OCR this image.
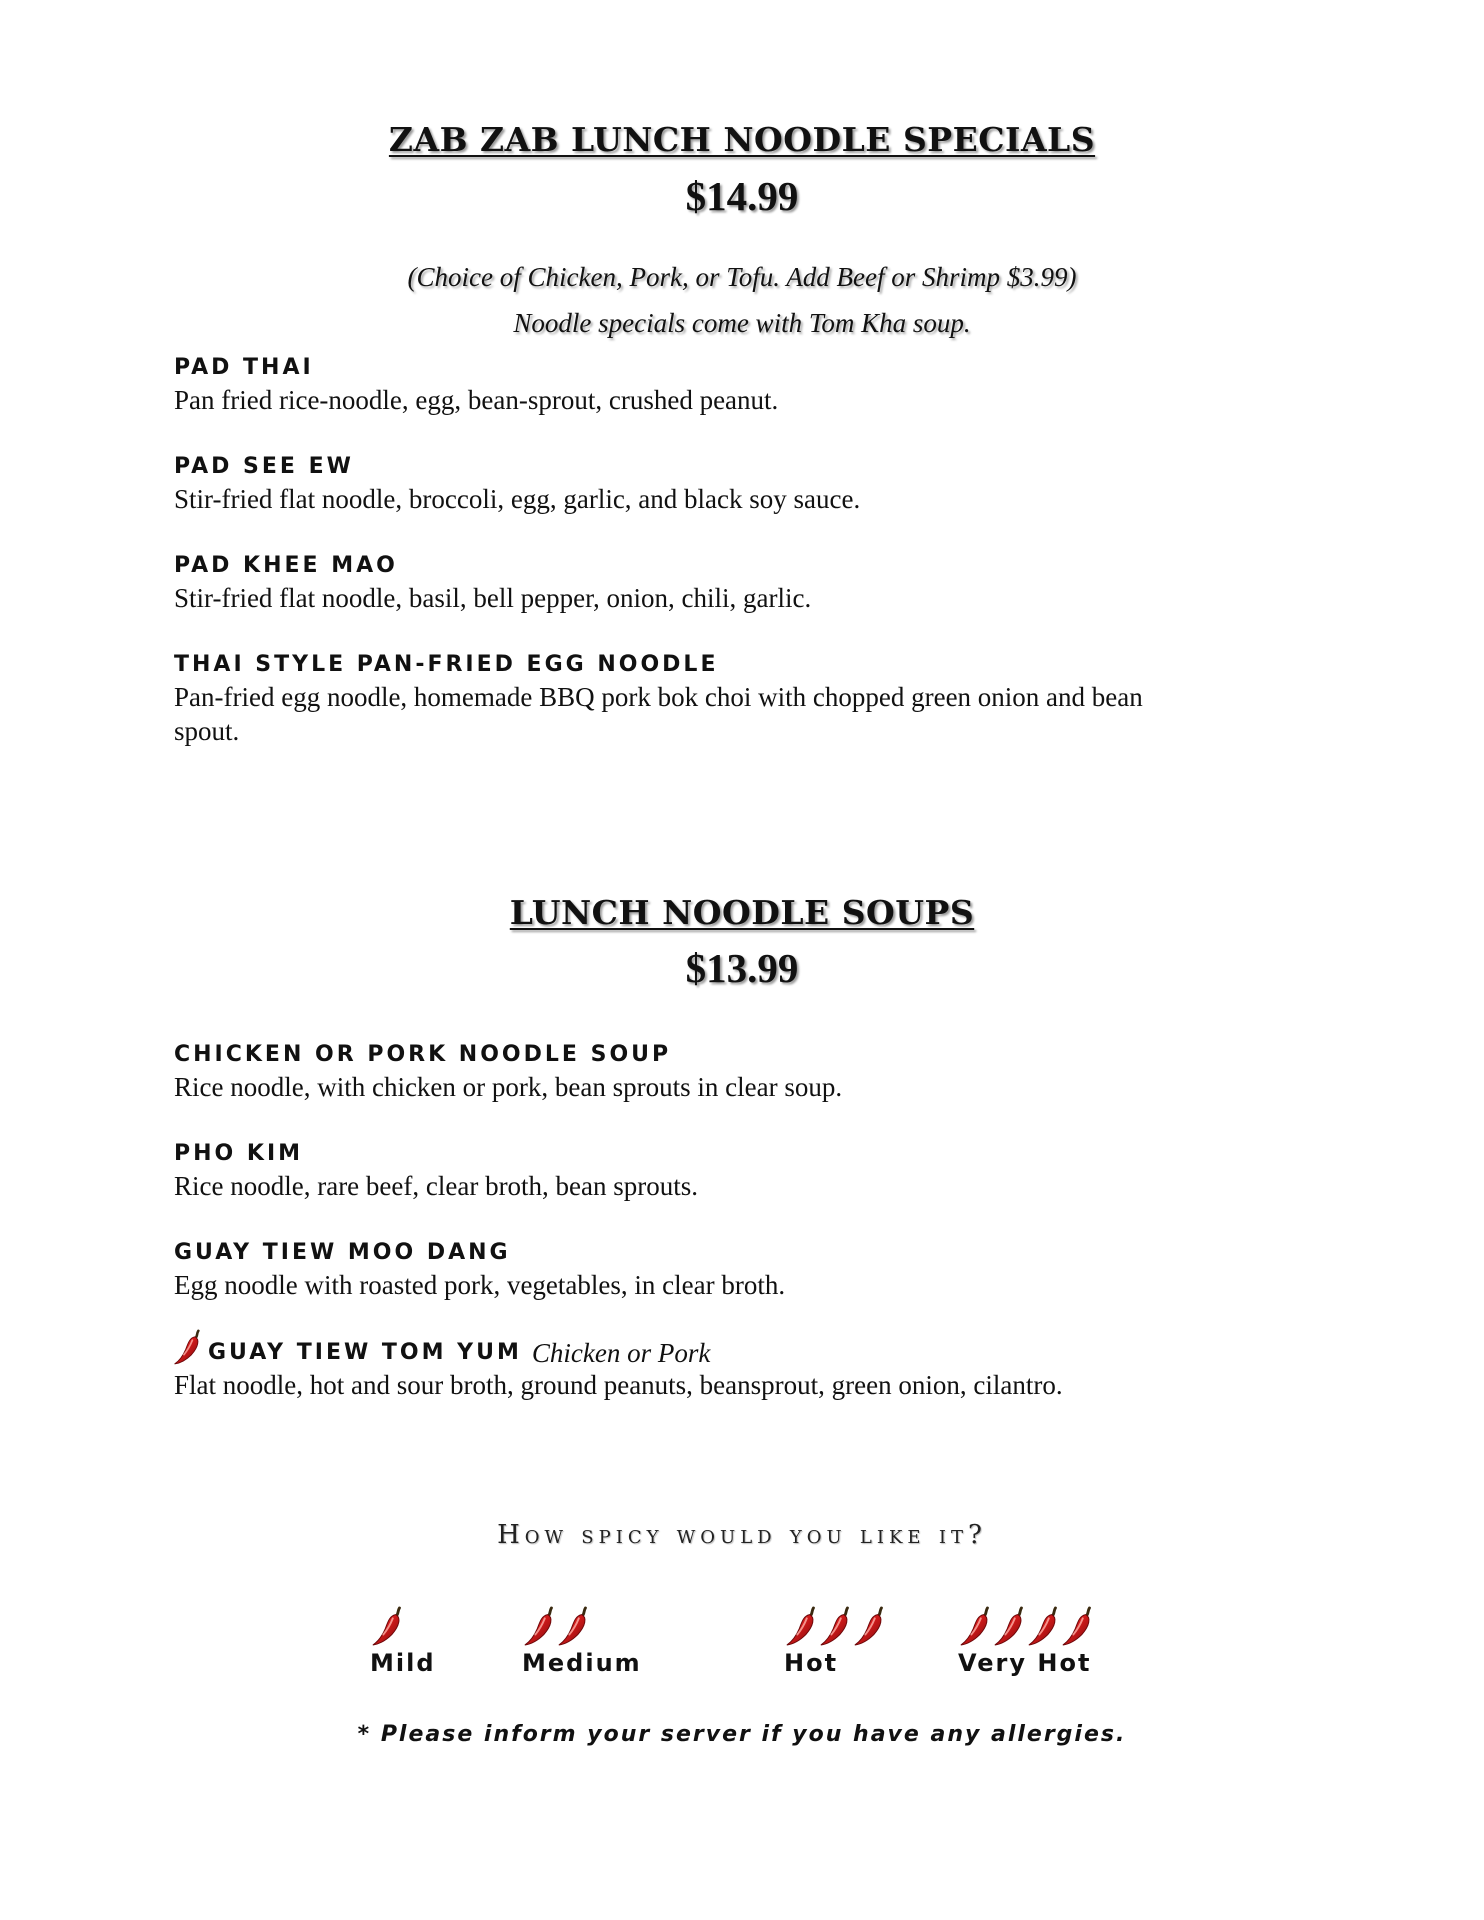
ZAB ZAB LUNCH NOODLE SPECIALS
$14.99
(Choice of Chicken, Pork, or Tofu. Add Beef or Shrimp $3.99)
Noodle specials come with Tom Kha soup.
PAD THAI
Pan fried rice-noodle, egg, bean-sprout, crushed peanut.
PAD SEE EW
Stir-fried flat noodle, broccoli, egg, garlic, and black soy sauce.
PAD KHEE MAO
Stir-fried flat noodle, basil, bell pepper, onion, chili, garlic.
THAI STYLE PAN-FRIED EGG NOODLE
Pan-fried egg noodle, homemade BBQ pork bok choi with chopped green onion and bean spout.
LUNCH NOODLE SOUPS
$13.99
CHICKEN OR PORK NOODLE SOUP
Rice noodle, with chicken or pork, bean sprouts in clear soup.
PHO KIM
Rice noodle, rare beef, clear broth, bean sprouts.
GUAY TIEW MOO DANG
Egg noodle with roasted pork, vegetables, in clear broth.
GUAY TIEW TOM YUM Chicken or Pork
Flat noodle, hot and sour broth, ground peanuts, beansprout, green onion, cilantro.
How spicy would you like it?
Mild	Medium	Hot	Very Hot
* Please inform your server if you have any allergies.
